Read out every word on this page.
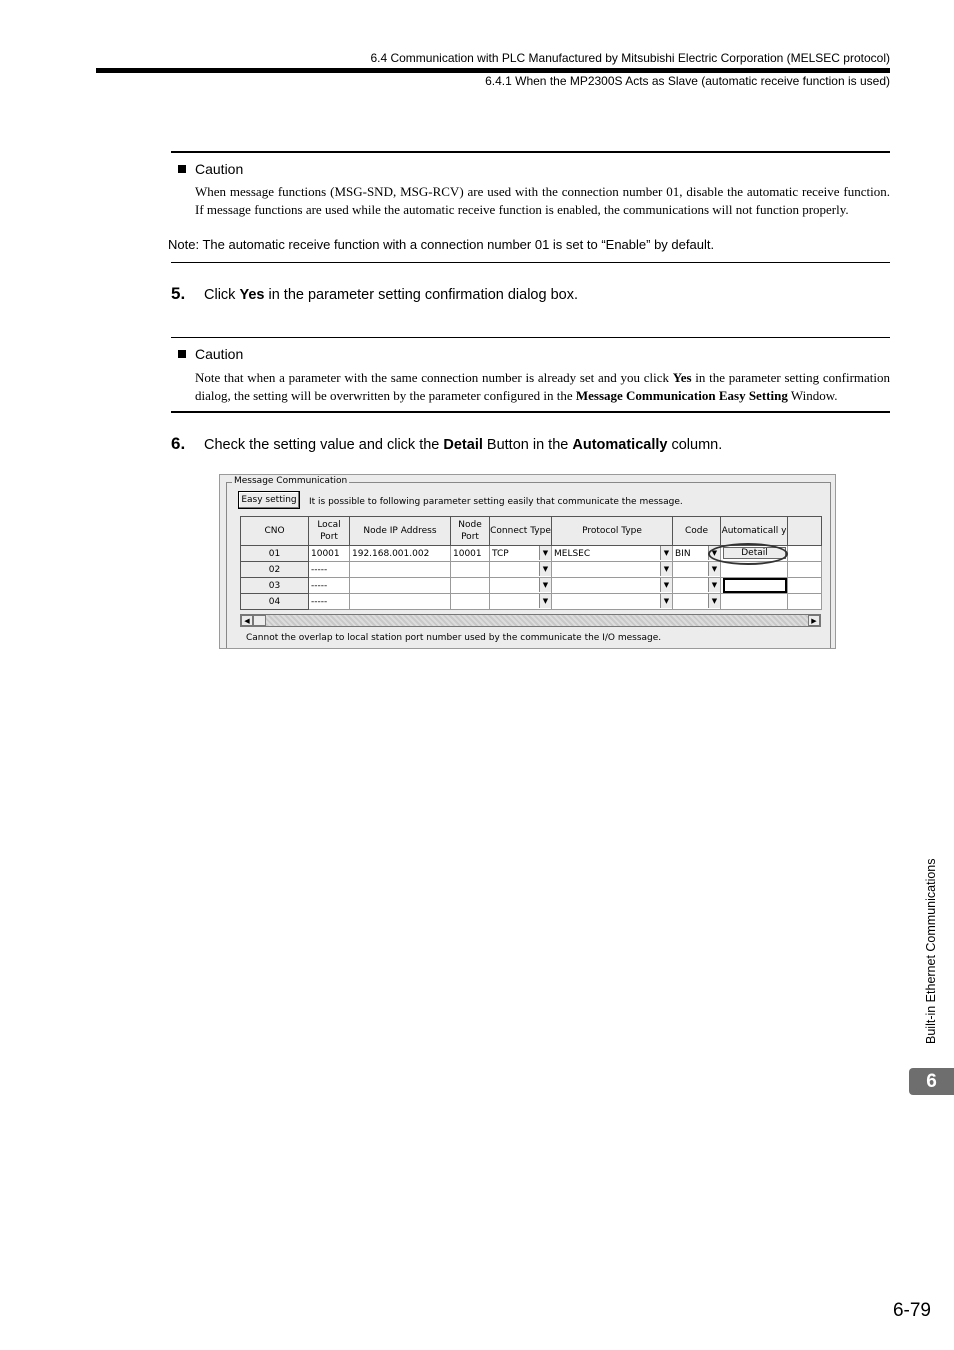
6.4 Communication with PLC Manufactured by Mitsubishi Electric Corporation (MELSEC protocol)
6.4.1 When the MP2300S Acts as Slave (automatic receive function is used)
Caution

When message functions (MSG-SND, MSG-RCV) are used with the connection number 01, disable the automatic receive function. If message functions are used while the automatic receive function is enabled, the communications will not function properly.

Note: The automatic receive function with a connection number 01 is set to “Enable” by default.
5.	Click Yes in the parameter setting confirmation dialog box.
Caution

Note that when a parameter with the same connection number is already set and you click Yes in the parameter setting confirmation dialog, the setting will be overwritten by the parameter configured in the Message Communication Easy Setting Window.

6.	Check the setting value and click the Detail Button in the Automatically column.
Message Communication
Easy setting	It is possible to following parameter setting easily that communicate the message.
CNO	Local Port	Node IP Address	Node Port	Connect Type	Protocol Type	Code	Automaticall y	
01	10001	192.168.001.002	10001	TCP ▼	MELSEC ▼	BIN ▼	Detail	

02	-----			▼	▼	▼		

03	-----			▼	▼	▼		

04	-----			▼	▼	▼		

◀	▶
Cannot the overlap to local station port number used by the communicate the I/O message.
Built-in Ethernet Communications
6
6-79
